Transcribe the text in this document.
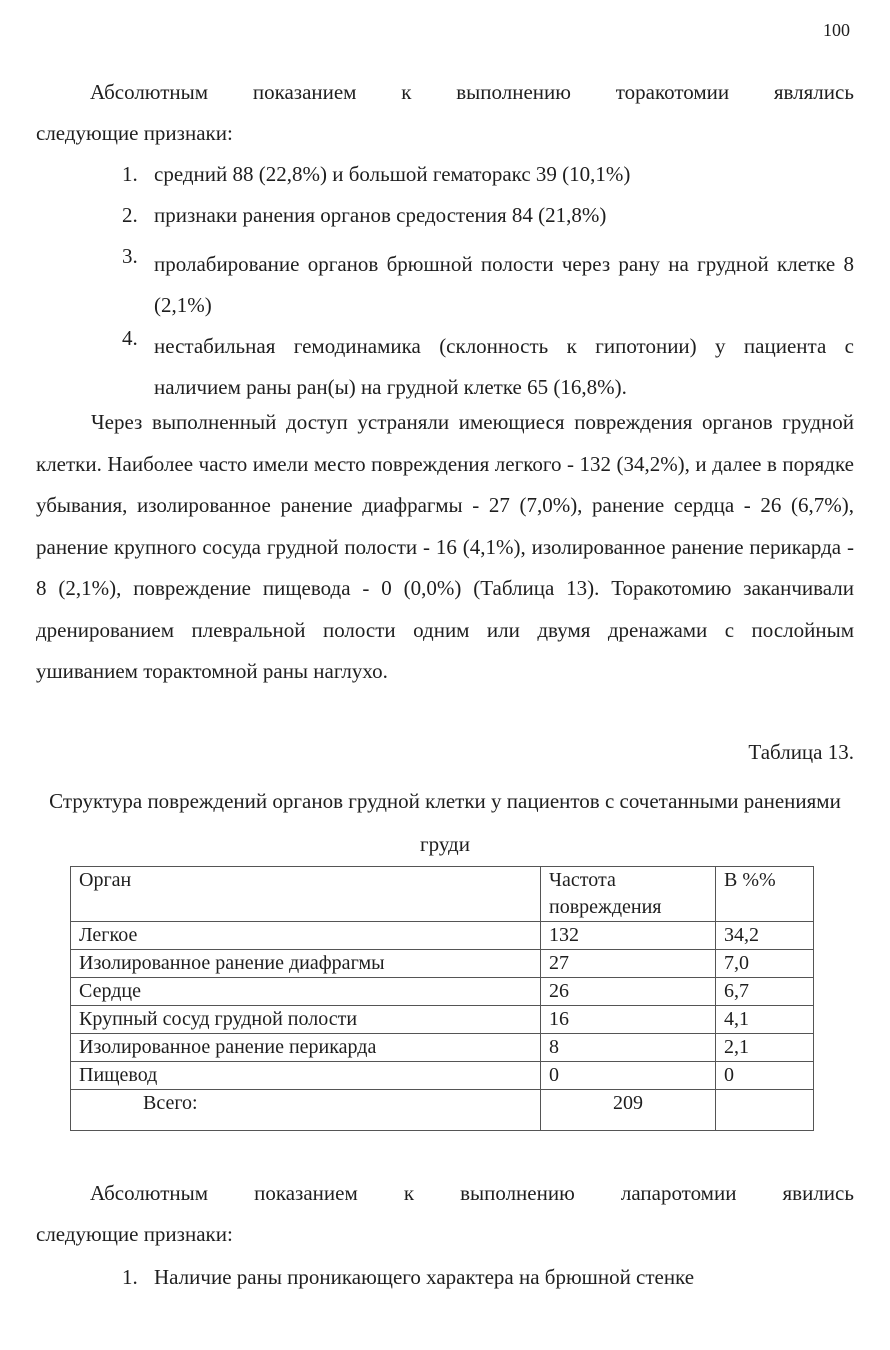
100
Абсолютным показанием к выполнению торакотомии являлись
следующие признаки:
1. средний 88 (22,8%) и большой гематоракс 39 (10,1%)
2. признаки ранения органов средостения 84 (21,8%)
3. пролабирование органов брюшной полости через рану на грудной клетке 8 (2,1%)
4. нестабильная гемодинамика (склонность к гипотонии) у пациента с наличием раны ран(ы) на грудной клетке 65 (16,8%).
Через выполненный доступ устраняли имеющиеся повреждения органов грудной клетки. Наиболее часто имели место повреждения легкого - 132 (34,2%), и далее в порядке убывания, изолированное ранение диафрагмы - 27 (7,0%), ранение сердца - 26 (6,7%), ранение крупного сосуда грудной полости - 16 (4,1%), изолированное ранение перикарда - 8 (2,1%), повреждение пищевода - 0 (0,0%) (Таблица 13). Торакотомию заканчивали дренированием плевральной полости одним или двумя дренажами с послойным ушиванием торактомной раны наглухо.
Таблица 13.
Структура повреждений органов грудной клетки у пациентов с сочетанными ранениями груди
Орган	Частота повреждения	В %%
Легкое	132	34,2
Изолированное ранение диафрагмы	27	7,0
Сердце	26	6,7
Крупный сосуд грудной полости	16	4,1
Изолированное ранение перикарда	8	2,1
Пищевод	0	0
Всего:	209	
Абсолютным показанием к выполнению лапаротомии явились
следующие признаки:
1. Наличие раны проникающего характера на брюшной стенке
